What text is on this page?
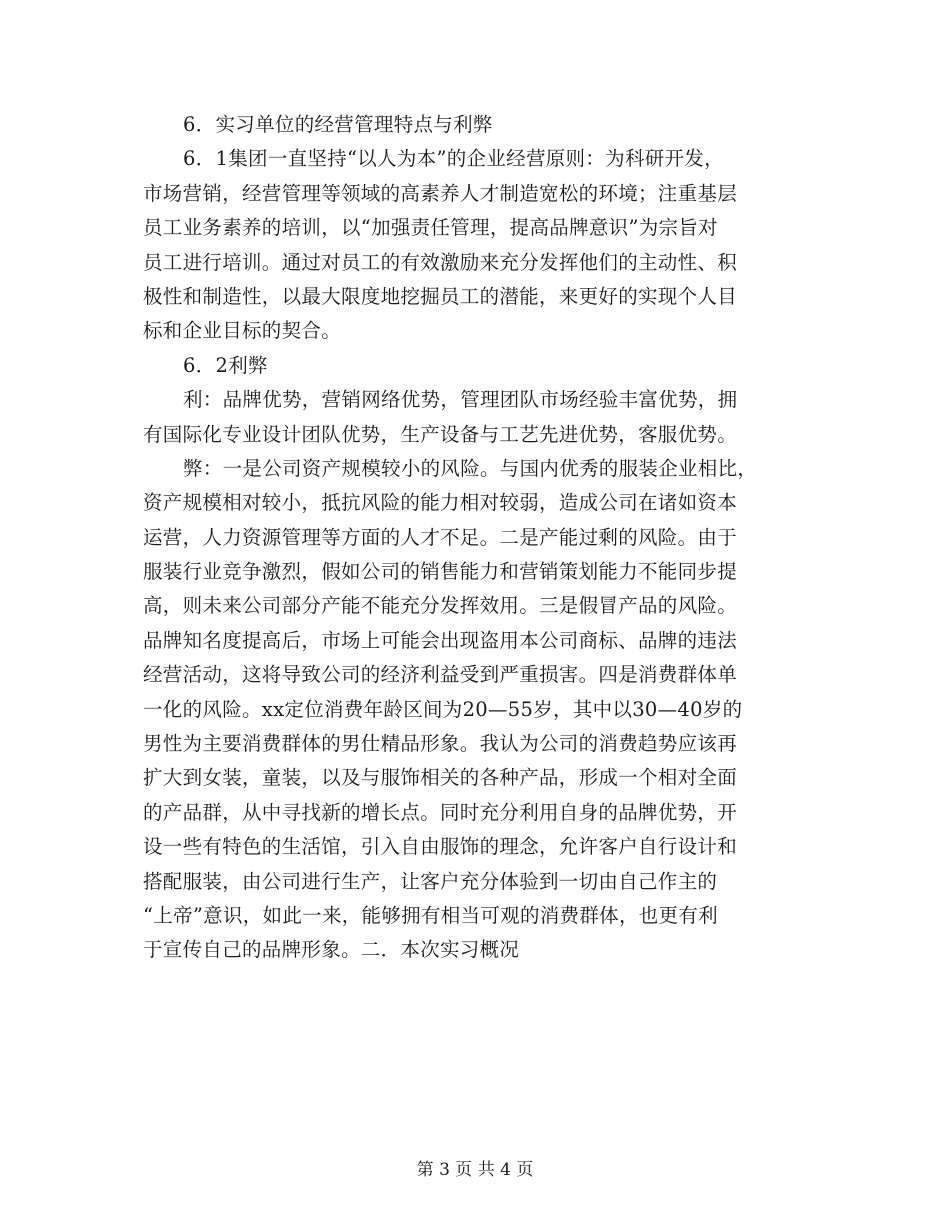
6．实习单位的经营管理特点与利弊
6．1集团一直坚持“以人为本”的企业经营原则：为科研开发，
市场营销，经营管理等领域的高素养人才制造宽松的环境；注重基层
员工业务素养的培训，以“加强责任管理，提高品牌意识”为宗旨对
员工进行培训。通过对员工的有效激励来充分发挥他们的主动性、积
极性和制造性，以最大限度地挖掘员工的潜能，来更好的实现个人目
标和企业目标的契合。
6．2利弊
利：品牌优势，营销网络优势，管理团队市场经验丰富优势，拥
有国际化专业设计团队优势，生产设备与工艺先进优势，客服优势。
弊：一是公司资产规模较小的风险。与国内优秀的服装企业相比，
资产规模相对较小，抵抗风险的能力相对较弱，造成公司在诸如资本
运营，人力资源管理等方面的人才不足。二是产能过剩的风险。由于
服装行业竞争激烈，假如公司的销售能力和营销策划能力不能同步提
高，则未来公司部分产能不能充分发挥效用。三是假冒产品的风险。
品牌知名度提高后，市场上可能会出现盗用本公司商标、品牌的违法
经营活动，这将导致公司的经济利益受到严重损害。四是消费群体单
一化的风险。xx定位消费年龄区间为20—55岁，其中以30—40岁的
男性为主要消费群体的男仕精品形象。我认为公司的消费趋势应该再
扩大到女装，童装，以及与服饰相关的各种产品，形成一个相对全面
的产品群，从中寻找新的增长点。同时充分利用自身的品牌优势，开
设一些有特色的生活馆，引入自由服饰的理念，允许客户自行设计和
搭配服装，由公司进行生产，让客户充分体验到一切由自己作主的
“上帝”意识，如此一来，能够拥有相当可观的消费群体，也更有利
于宣传自己的品牌形象。二．本次实习概况
第 3 页 共 4 页
